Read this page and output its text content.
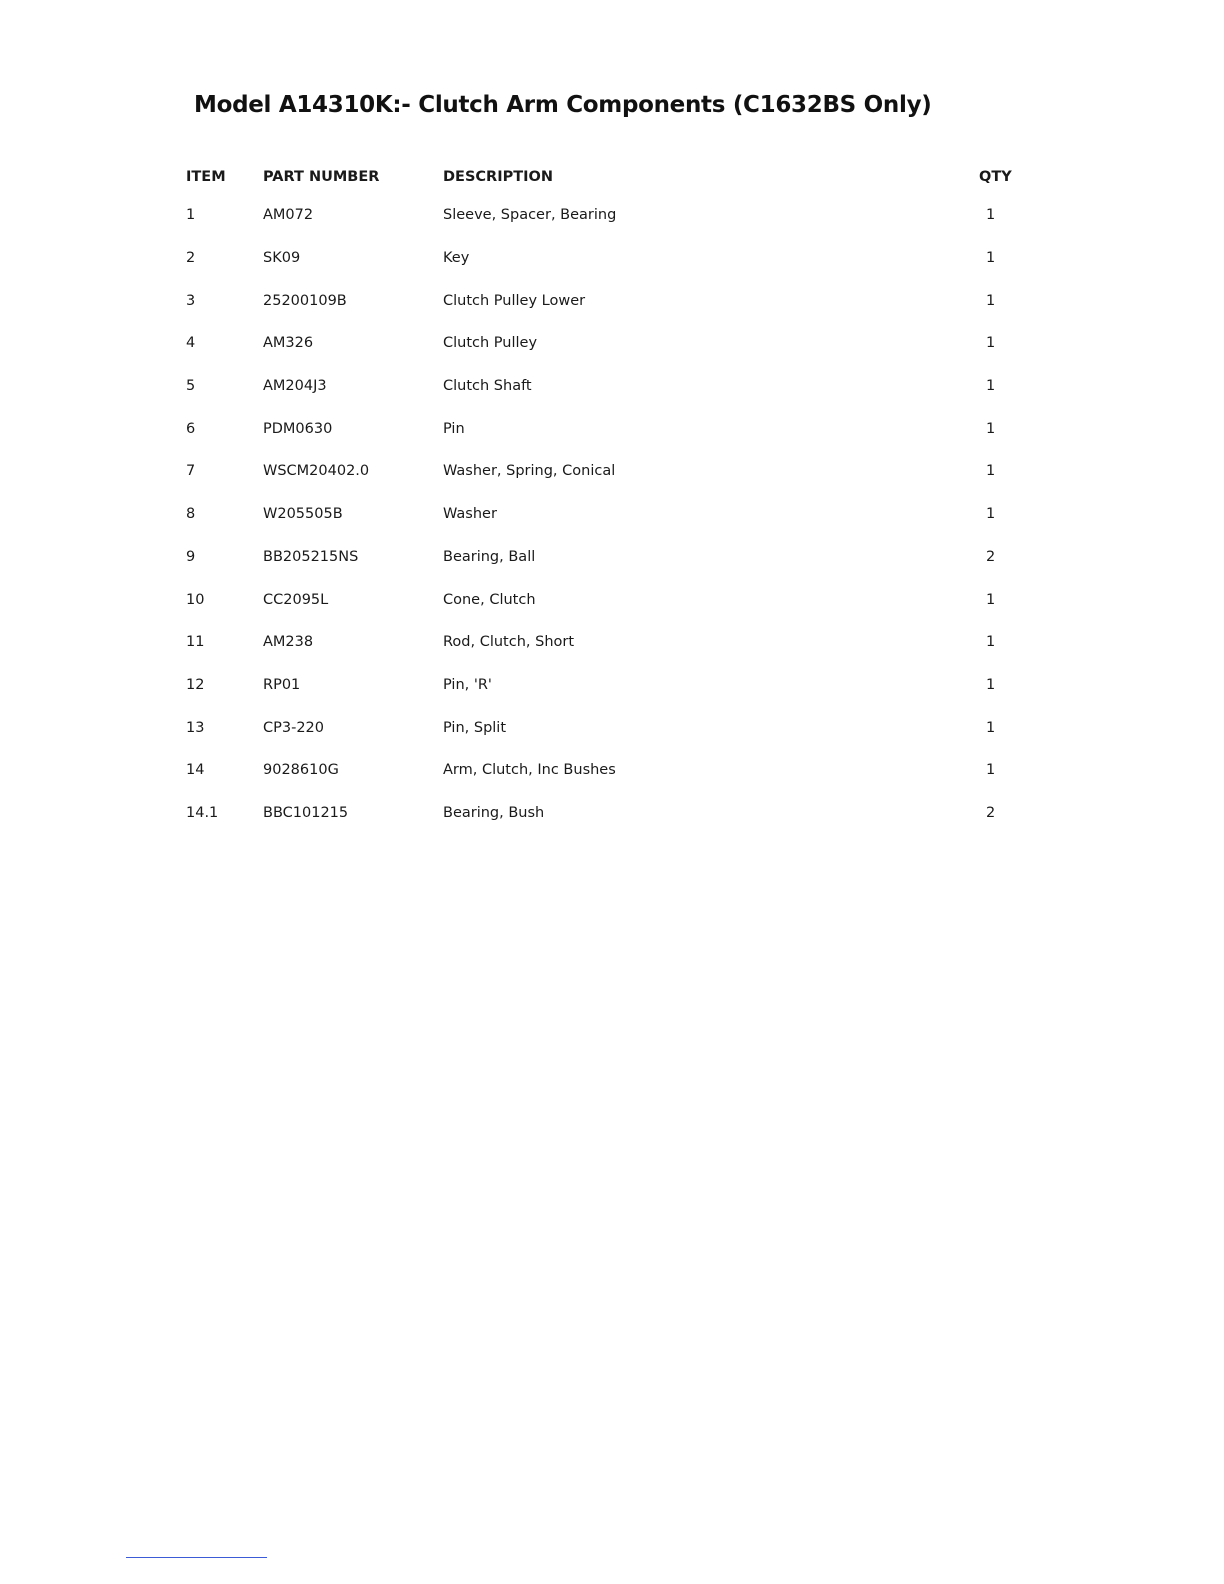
Model A14310K:- Clutch Arm Components (C1632BS Only)
ITEM	PART NUMBER	DESCRIPTION	QTY
1	AM072	Sleeve, Spacer, Bearing	1
2	SK09	Key	1
3	25200109B	Clutch Pulley Lower	1
4	AM326	Clutch Pulley	1
5	AM204J3	Clutch Shaft	1
6	PDM0630	Pin	1
7	WSCM20402.0	Washer, Spring, Conical	1
8	W205505B	Washer	1
9	BB205215NS	Bearing, Ball	2
10	CC2095L	Cone, Clutch	1
11	AM238	Rod, Clutch, Short	1
12	RP01	Pin, 'R'	1
13	CP3-220	Pin, Split	1
14	9028610G	Arm, Clutch, Inc Bushes	1
14.1	BBC101215	Bearing, Bush	2
